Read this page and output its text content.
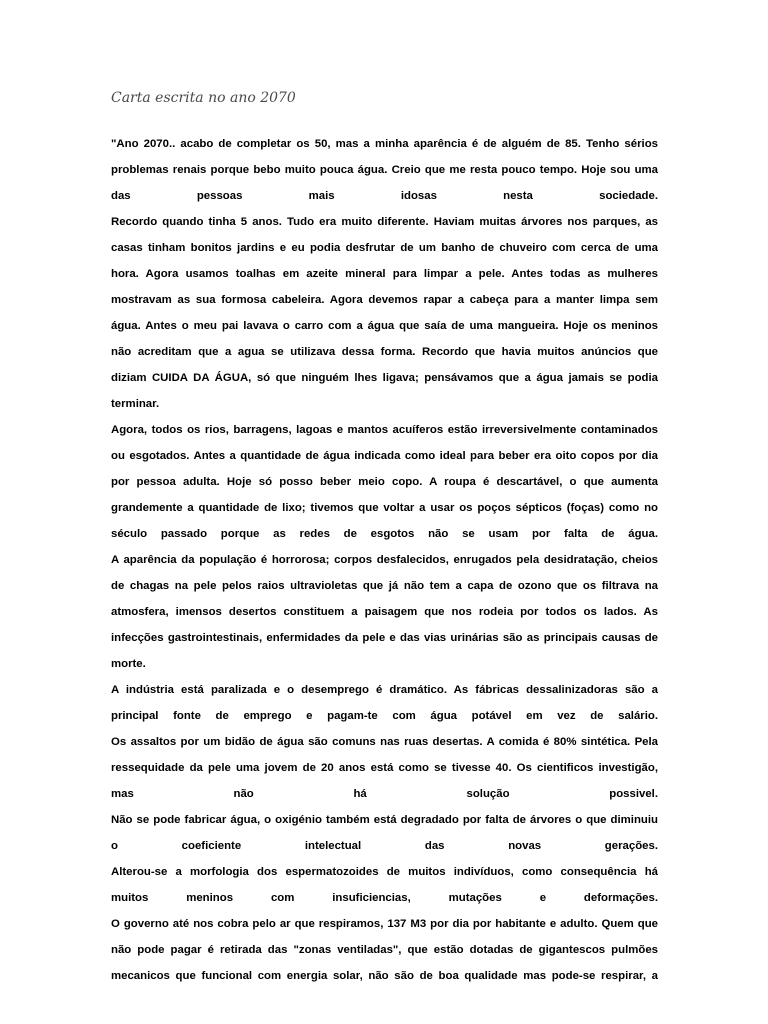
Carta escrita no ano 2070
"Ano 2070.. acabo de completar os 50, mas a minha aparência é de alguém de 85. Tenho sérios
problemas renais porque bebo muito pouca água. Creio que me resta pouco tempo. Hoje sou uma
das pessoas mais idosas nesta sociedade.
Recordo quando tinha 5 anos. Tudo era muito diferente. Haviam muitas árvores nos parques, as
casas tinham bonitos jardins e eu podia desfrutar de um banho de chuveiro com cerca de uma
hora. Agora usamos toalhas em azeite mineral para limpar a pele. Antes todas as mulheres
mostravam as sua formosa cabeleira. Agora devemos rapar a cabeça para a manter limpa sem
água. Antes o meu pai lavava o carro com a água que saía de uma mangueira. Hoje os meninos
não acreditam que a agua se utilizava dessa forma. Recordo que havia muitos anúncios que
diziam CUIDA DA ÁGUA, só que ninguém lhes ligava; pensávamos que a água jamais se podia
terminar.
Agora, todos os rios, barragens, lagoas e mantos acuíferos estão irreversivelmente contaminados
ou esgotados. Antes a quantidade de água indicada como ideal para beber era oito copos por dia
por pessoa adulta. Hoje só posso beber meio copo. A roupa é descartável, o que aumenta
grandemente a quantidade de lixo; tivemos que voltar a usar os poços sépticos (foças) como no
século passado porque as redes de esgotos não se usam por falta de água.
A aparência da população é horrorosa; corpos desfalecidos, enrugados pela desidratação, cheios
de chagas na pele pelos raios ultravioletas que já não tem a capa de ozono que os filtrava na
atmosfera, imensos desertos constituem a paisagem que nos rodeia por todos os lados. As
infecções gastrointestinais, enfermidades da pele e das vias urinárias são as principais causas de
morte.
A indústria está paralizada e o desemprego é dramático. As fábricas dessalinizadoras são a
principal fonte de emprego e pagam-te com água potável em vez de salário.
Os assaltos por um bidão de água são comuns nas ruas desertas. A comida é 80% sintética. Pela
ressequidade da pele uma jovem de 20 anos está como se tivesse 40. Os cientificos investigão,
mas não há solução possivel.
Não se pode fabricar água, o oxigénio também está degradado por falta de árvores o que diminuiu
o coeficiente intelectual das novas gerações.
Alterou-se a morfologia dos espermatozoides de muitos indivíduos, como consequência há
muitos meninos com insuficiencias, mutações e deformações.
O governo até nos cobra pelo ar que respiramos, 137 M3 por dia por habitante e adulto. Quem que
não pode pagar é retirada das "zonas ventiladas", que estão dotadas de gigantescos pulmões
mecanicos que funcional com energia solar, não são de boa qualidade mas pode-se respirar, a
